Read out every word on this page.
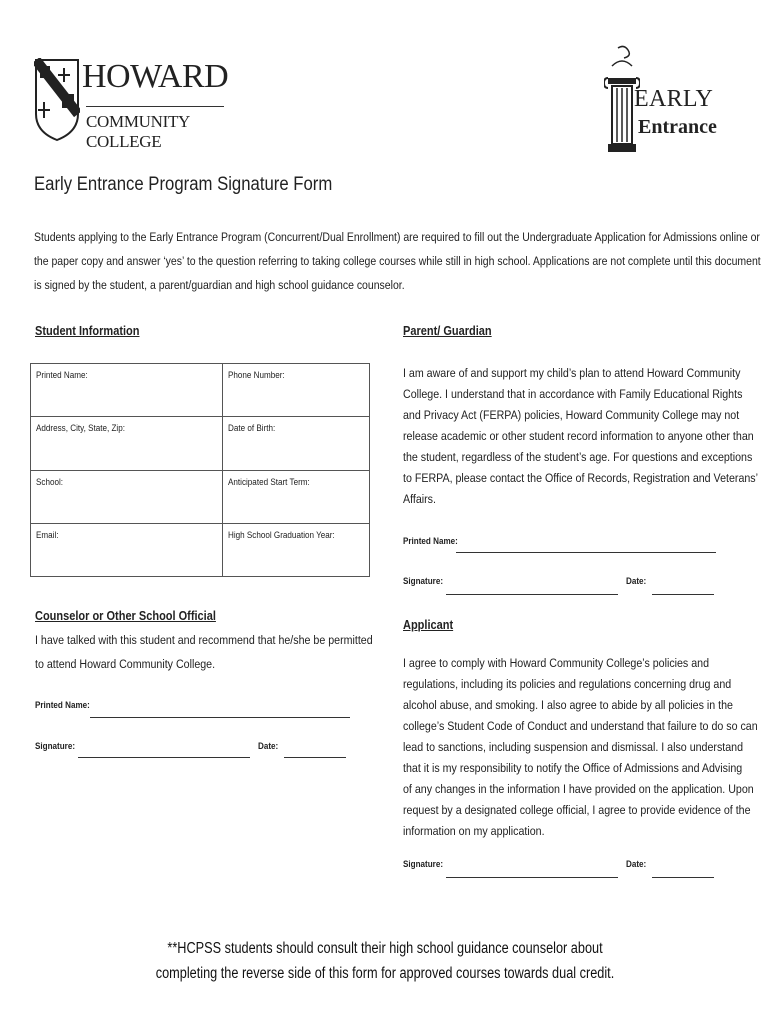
HOWARD
COMMUNITY COLLEGE
EARLY
Entrance
Early Entrance Program Signature Form
Students applying to the Early Entrance Program (Concurrent/Dual Enrollment) are required to fill out the Undergraduate Application for Admissions online or
the paper copy and answer ‘yes’ to the question referring to taking college courses while still in high school. Applications are not complete until this document
is signed by the student, a parent/guardian and high school guidance counselor.
Student Information
Printed Name:	Phone Number:
Address, City, State, Zip:	Date of Birth:
School:	Anticipated Start Term:
Email:	High School Graduation Year:
Parent/ Guardian
I am aware of and support my child’s plan to attend Howard Community
College. I understand that in accordance with Family Educational Rights
and Privacy Act (FERPA) policies, Howard Community College may not
release academic or other student record information to anyone other than
the student, regardless of the student’s age. For questions and exceptions
to FERPA, please contact the Office of Records, Registration and Veterans’
Affairs.
Printed Name:
Signature:	Date:
Counselor or Other School Official
I have talked with this student and recommend that he/she be permitted
to attend Howard Community College.
Printed Name:
Signature:	Date:
Applicant
I agree to comply with Howard Community College’s policies and
regulations, including its policies and regulations concerning drug and
alcohol abuse, and smoking. I also agree to abide by all policies in the
college’s Student Code of Conduct and understand that failure to do so can
lead to sanctions, including suspension and dismissal. I also understand
that it is my responsibility to notify the Office of Admissions and Advising
of any changes in the information I have provided on the application. Upon
request by a designated college official, I agree to provide evidence of the
information on my application.
Signature:	Date:
**HCPSS students should consult their high school guidance counselor about
completing the reverse side of this form for approved courses towards dual credit.
